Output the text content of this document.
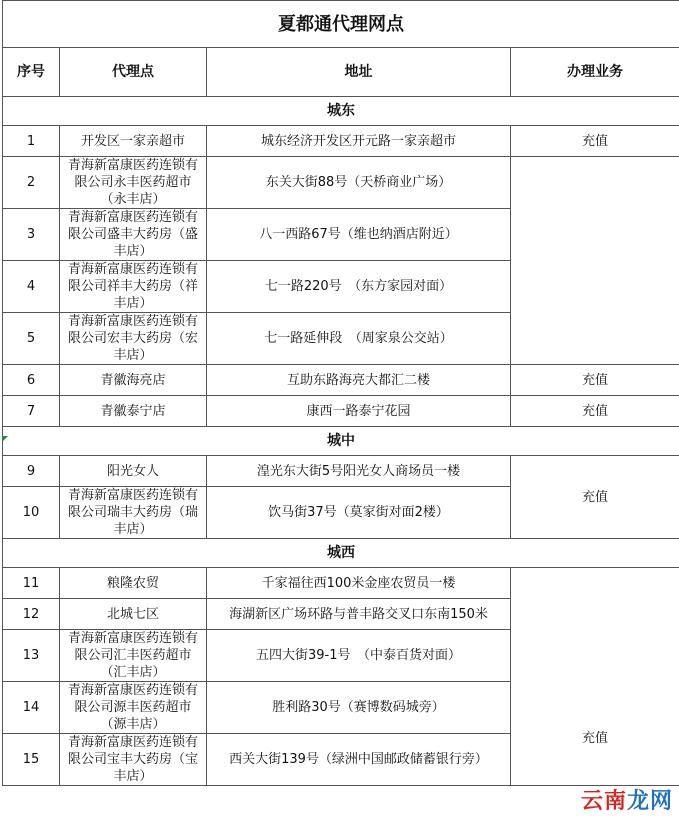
夏都通代理网点			
序号	代理点	地址	办理业务
城东			
1	开发区一家亲超市	城东经济开发区开元路一家亲超市	充值
2	青海新富康医药连锁有限公司永丰医药超市（永丰店）	东关大街88号（天桥商业广场）	
3	青海新富康医药连锁有限公司盛丰大药房（盛丰店）	八一西路67号（维也纳酒店附近）	
4	青海新富康医药连锁有限公司祥丰大药房（祥丰店）	七一路220号　（东方家园对面）	
5	青海新富康医药连锁有限公司宏丰大药房（宏丰店）	七一路延伸段　（周家泉公交站）	
6	青徽海亮店	互助东路海亮大都汇二楼	充值
7	青徽泰宁店	康西一路泰宁花园	充值
城中			
9	阳光女人	湟光东大街5号阳光女人商场员一楼	充值
10	青海新富康医药连锁有限公司瑞丰大药房（瑞丰店）	饮马街37号（莫家街对面2楼）	
城西			
11	粮隆农贸	千家福往西100米金座农贸员一楼	充值
12	北城七区	海湖新区广场环路与普丰路交叉口东南150米	
13	青海新富康医药连锁有限公司汇丰医药超市（汇丰店）	五四大街39-1号　（中泰百货对面）	
14	青海新富康医药连锁有限公司源丰医药超市（源丰店）	胜利路30号（赛博数码城旁）	
15	青海新富康医药连锁有限公司宝丰大药房（宝丰店）	西关大街139号（绿洲中国邮政储蓄银行旁）	
云南龙网
